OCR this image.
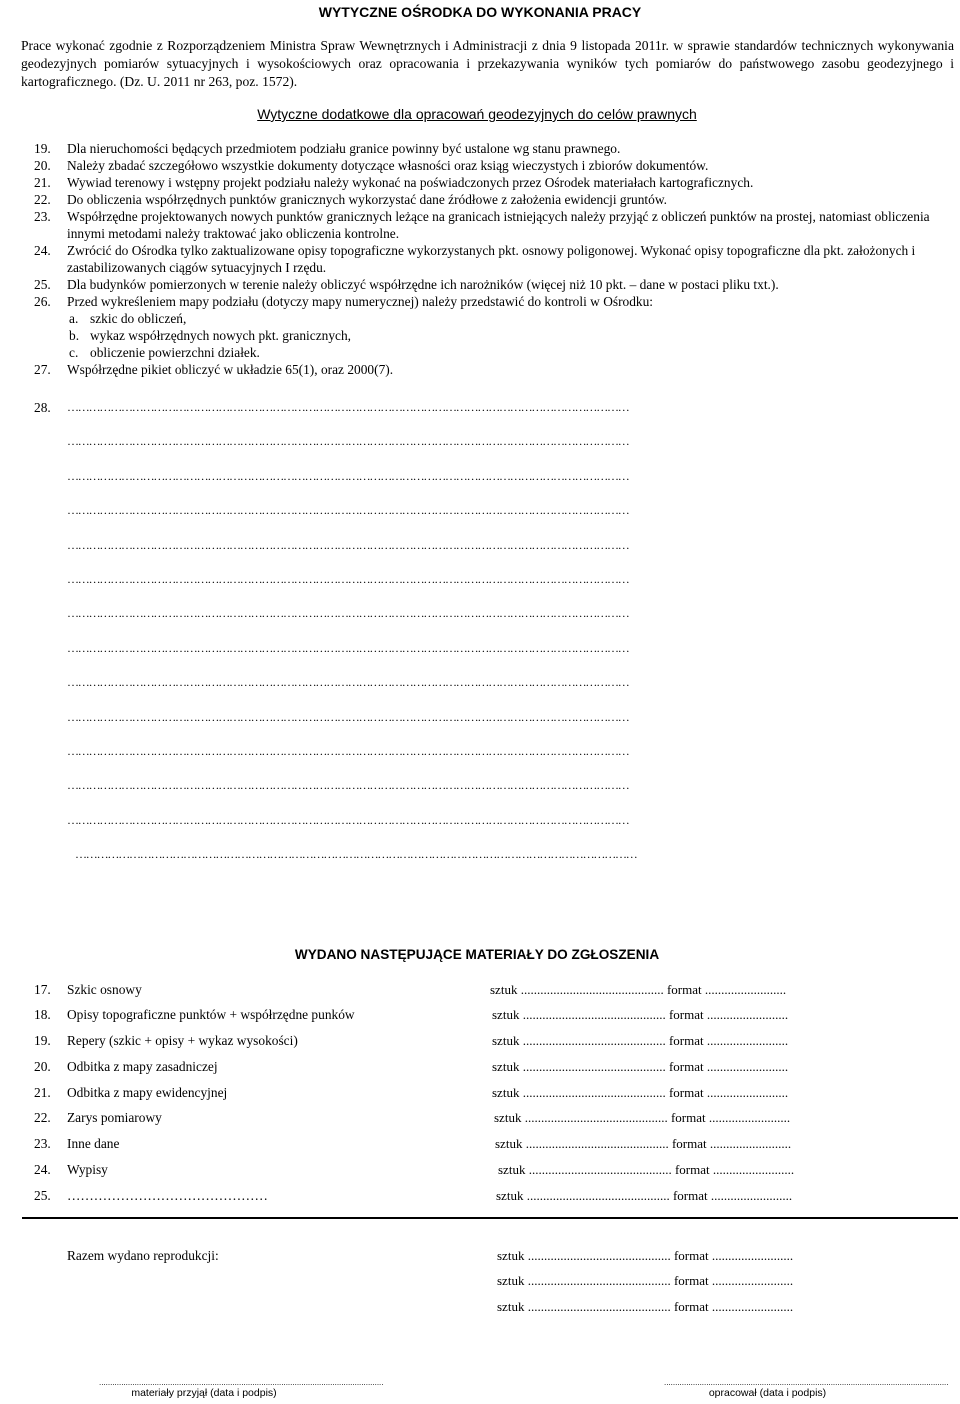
WYTYCZNE OŚRODKA DO WYKONANIA PRACY
Prace wykonać zgodnie z Rozporządzeniem Ministra Spraw Wewnętrznych i Administracji z dnia 9 listopada 2011r. w sprawie standardów technicznych wykonywania geodezyjnych pomiarów sytuacyjnych i wysokościowych oraz opracowania i przekazywania wyników tych pomiarów do państwowego zasobu geodezyjnego i kartograficznego. (Dz. U. 2011 nr 263, poz. 1572).
Wytyczne dodatkowe dla opracowań geodezyjnych do celów prawnych
19.	Dla nieruchomości będących przedmiotem podziału granice powinny być ustalone wg stanu prawnego.
20.	Należy zbadać szczegółowo wszystkie dokumenty dotyczące własności oraz ksiąg wieczystych i zbiorów dokumentów.
21.	Wywiad terenowy i wstępny projekt podziału należy wykonać na poświadczonych przez Ośrodek materiałach kartograficznych.
22.	Do obliczenia współrzędnych punktów granicznych wykorzystać dane źródłowe z założenia ewidencji gruntów.
23.	Współrzędne projektowanych nowych punktów granicznych leżące na granicach istniejących należy przyjąć z obliczeń punktów na prostej, natomiast obliczenia innymi metodami należy traktować jako obliczenia kontrolne.
24.	Zwrócić do Ośrodka tylko zaktualizowane opisy topograficzne wykorzystanych pkt. osnowy poligonowej. Wykonać opisy topograficzne dla pkt. założonych i zastabilizowanych ciągów sytuacyjnych I rzędu.
25.	Dla budynków pomierzonych w terenie należy obliczyć współrzędne ich narożników (więcej niż 10 pkt. – dane w postaci pliku txt.).
26.	Przed wykreśleniem mapy podziału (dotyczy mapy numerycznej) należy przedstawić do kontroli w Ośrodku:
a. szkic do obliczeń,
b. wykaz współrzędnych nowych pkt. granicznych,
c. obliczenie powierzchni działek.
27.	Współrzędne pikiet obliczyć w układzie 65(1), oraz 2000(7).
28.	…………………………………………………………………………………………………………………………………………
…………………………………………………………………………………………………………………………………………
…………………………………………………………………………………………………………………………………………
…………………………………………………………………………………………………………………………………………
…………………………………………………………………………………………………………………………………………
…………………………………………………………………………………………………………………………………………
…………………………………………………………………………………………………………………………………………
…………………………………………………………………………………………………………………………………………
…………………………………………………………………………………………………………………………………………
…………………………………………………………………………………………………………………………………………
…………………………………………………………………………………………………………………………………………
…………………………………………………………………………………………………………………………………………
…………………………………………………………………………………………………………………………………………
…………………………………………………………………………………………………………………………………………
WYDANO NASTĘPUJĄCE MATERIAŁY DO ZGŁOSZENIA
17. Szkic osnowy	sztuk ............................................ format .........................
18. Opisy topograficzne punktów + współrzędne punków	sztuk ............................................ format .........................
19. Repery (szkic + opisy + wykaz wysokości)	sztuk ............................................ format .........................
20. Odbitka z mapy zasadniczej	sztuk ............................................ format .........................
21. Odbitka z mapy ewidencyjnej	sztuk ............................................ format .........................
22. Zarys pomiarowy	sztuk ............................................ format .........................
23. Inne dane	sztuk ............................................ format .........................
24. Wypisy	sztuk ............................................ format .........................
25. ………………………………………	sztuk ............................................ format .........................
Razem wydano reprodukcji:	sztuk ............................................ format .........................
sztuk ............................................ format .........................
sztuk ............................................ format .........................
................................................................................................................................
materiały przyjął (data i podpis)
................................................................................................................................
opracował (data i podpis)
